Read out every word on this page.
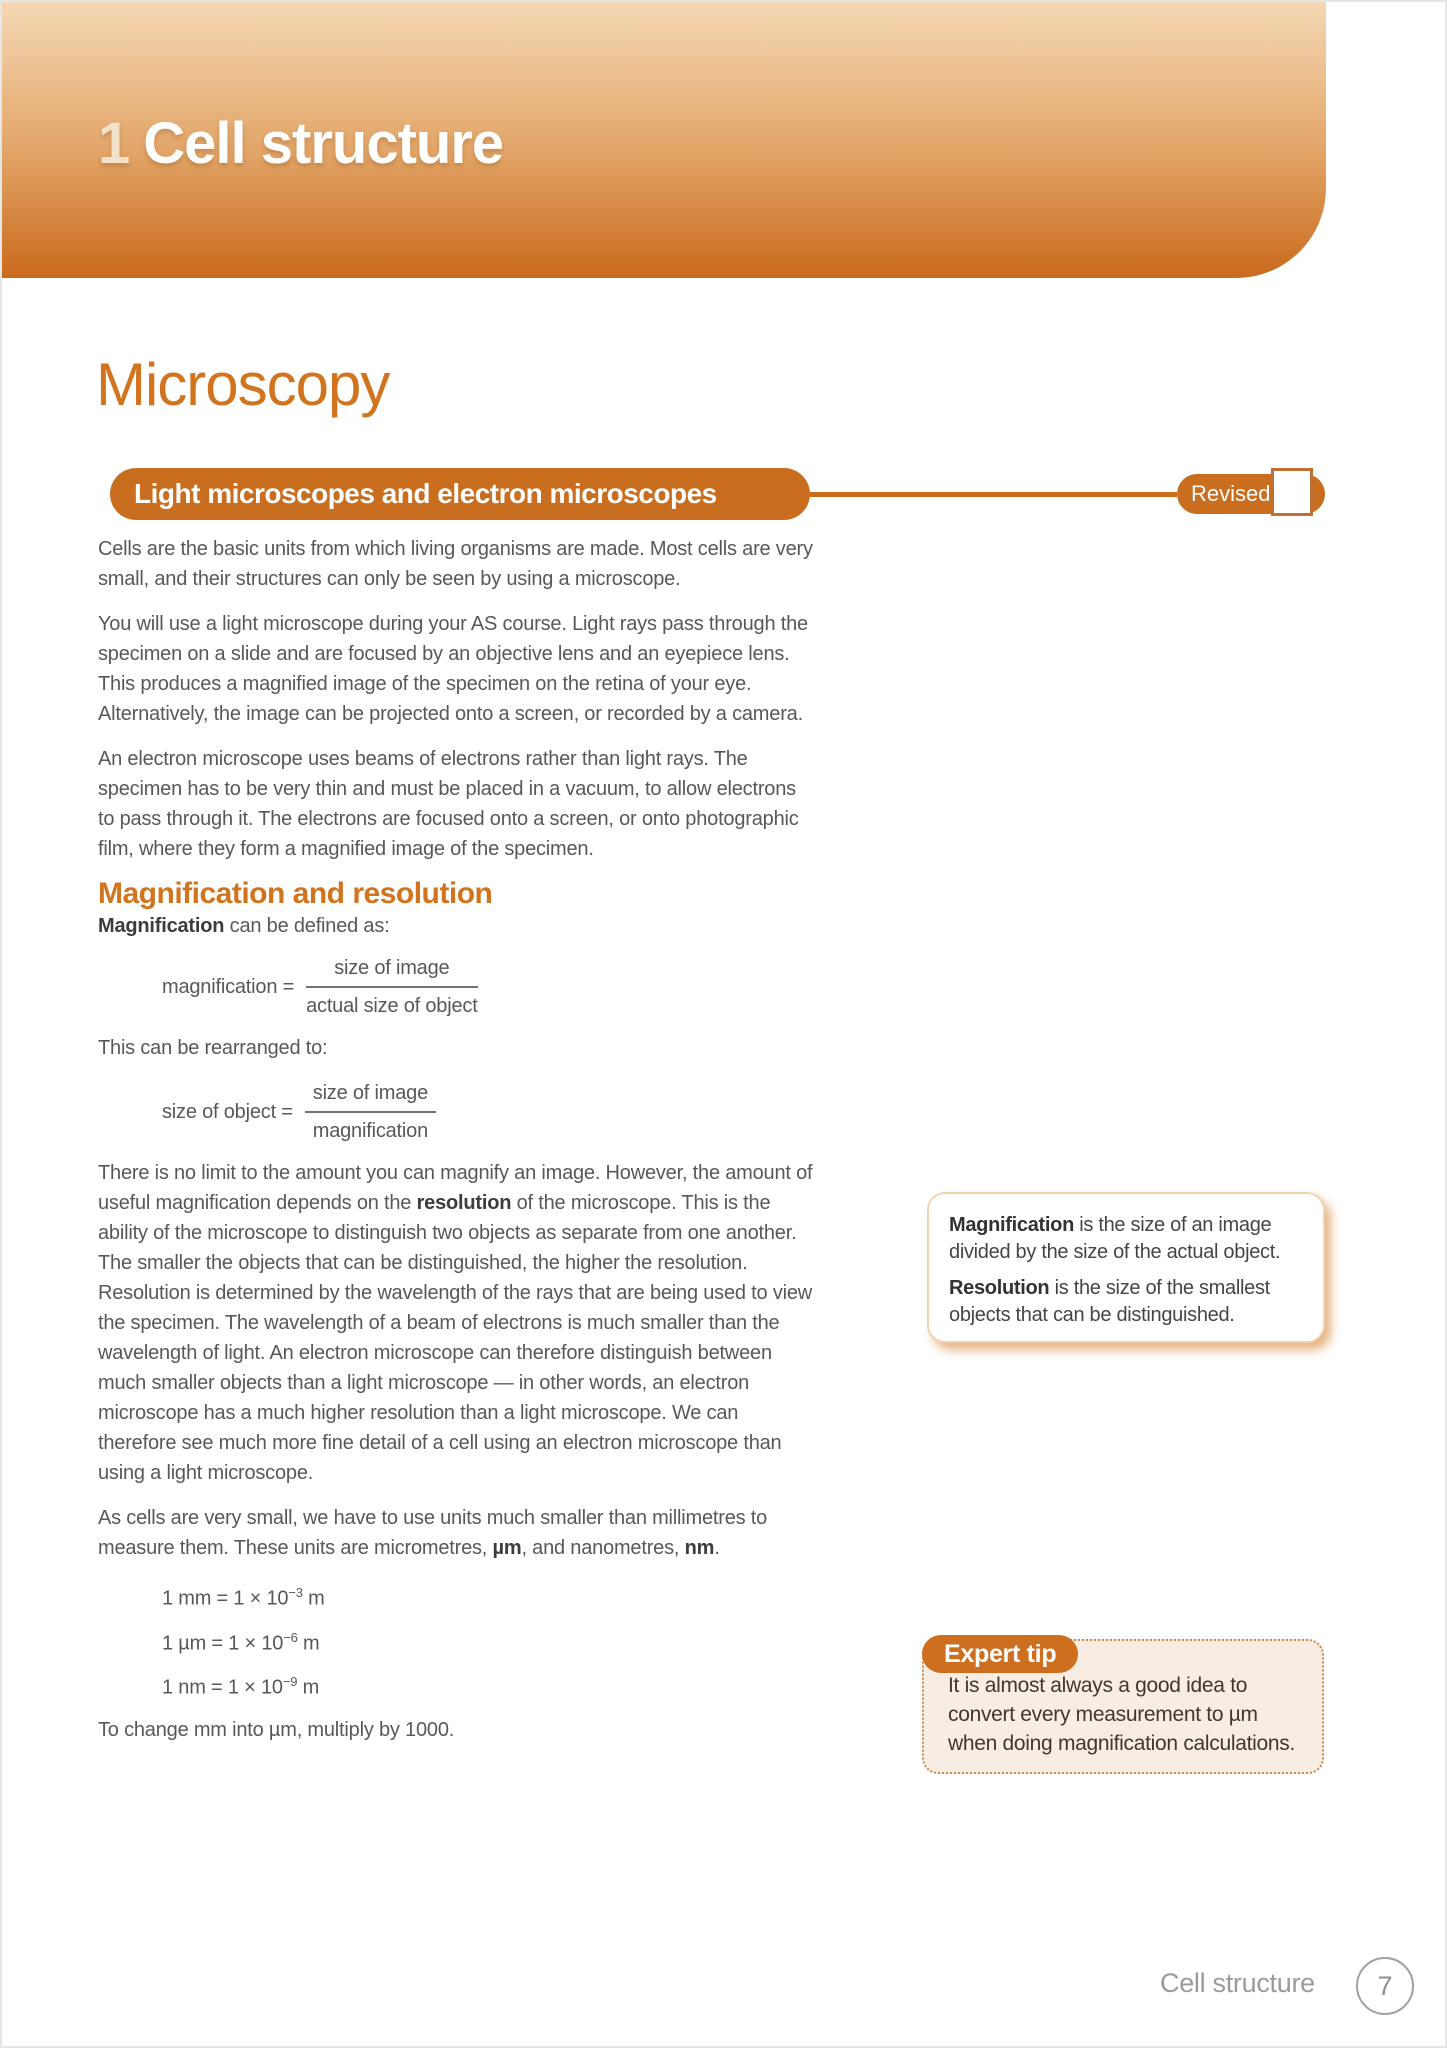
1 Cell structure
Microscopy
Light microscopes and electron microscopes	Revised

Cells are the basic units from which living organisms are made. Most cells are very small, and their structures can only be seen by using a microscope.

You will use a light microscope during your AS course. Light rays pass through the specimen on a slide and are focused by an objective lens and an eyepiece lens. This produces a magnified image of the specimen on the retina of your eye. Alternatively, the image can be projected onto a screen, or recorded by a camera.

An electron microscope uses beams of electrons rather than light rays. The specimen has to be very thin and must be placed in a vacuum, to allow electrons to pass through it. The electrons are focused onto a screen, or onto photographic film, where they form a magnified image of the specimen.

Magnification and resolution

Magnification can be defined as:

magnification = $\frac{\text{size of image}}{\text{actual size of object}}$

This can be rearranged to:

size of object = $\frac{\text{size of image}}{\text{magnification}}$

There is no limit to the amount you can magnify an image. However, the amount of useful magnification depends on the resolution of the microscope. This is the ability of the microscope to distinguish two objects as separate from one another. The smaller the objects that can be distinguished, the higher the resolution. Resolution is determined by the wavelength of the rays that are being used to view the specimen. The wavelength of a beam of electrons is much smaller than the wavelength of light. An electron microscope can therefore distinguish between much smaller objects than a light microscope — in other words, an electron microscope has a much higher resolution than a light microscope. We can therefore see much more fine detail of a cell using an electron microscope than using a light microscope.

As cells are very small, we have to use units much smaller than millimetres to measure them. These units are micrometres, µm, and nanometres, nm.

1 mm = $1 \times 10^{-3}$ m
1 $\mu m = 1 \times 10^{-6}$ m
1 nm = $1 \times 10^{-9}$ m

To change mm into µm, multiply by 1000.

Magnification is the size of an image divided by the size of the actual object.
Resolution is the size of the smallest objects that can be distinguished.
Expert tip
It is almost always a good idea to convert every measurement to µm when doing magnification calculations.
Cell structure	7
